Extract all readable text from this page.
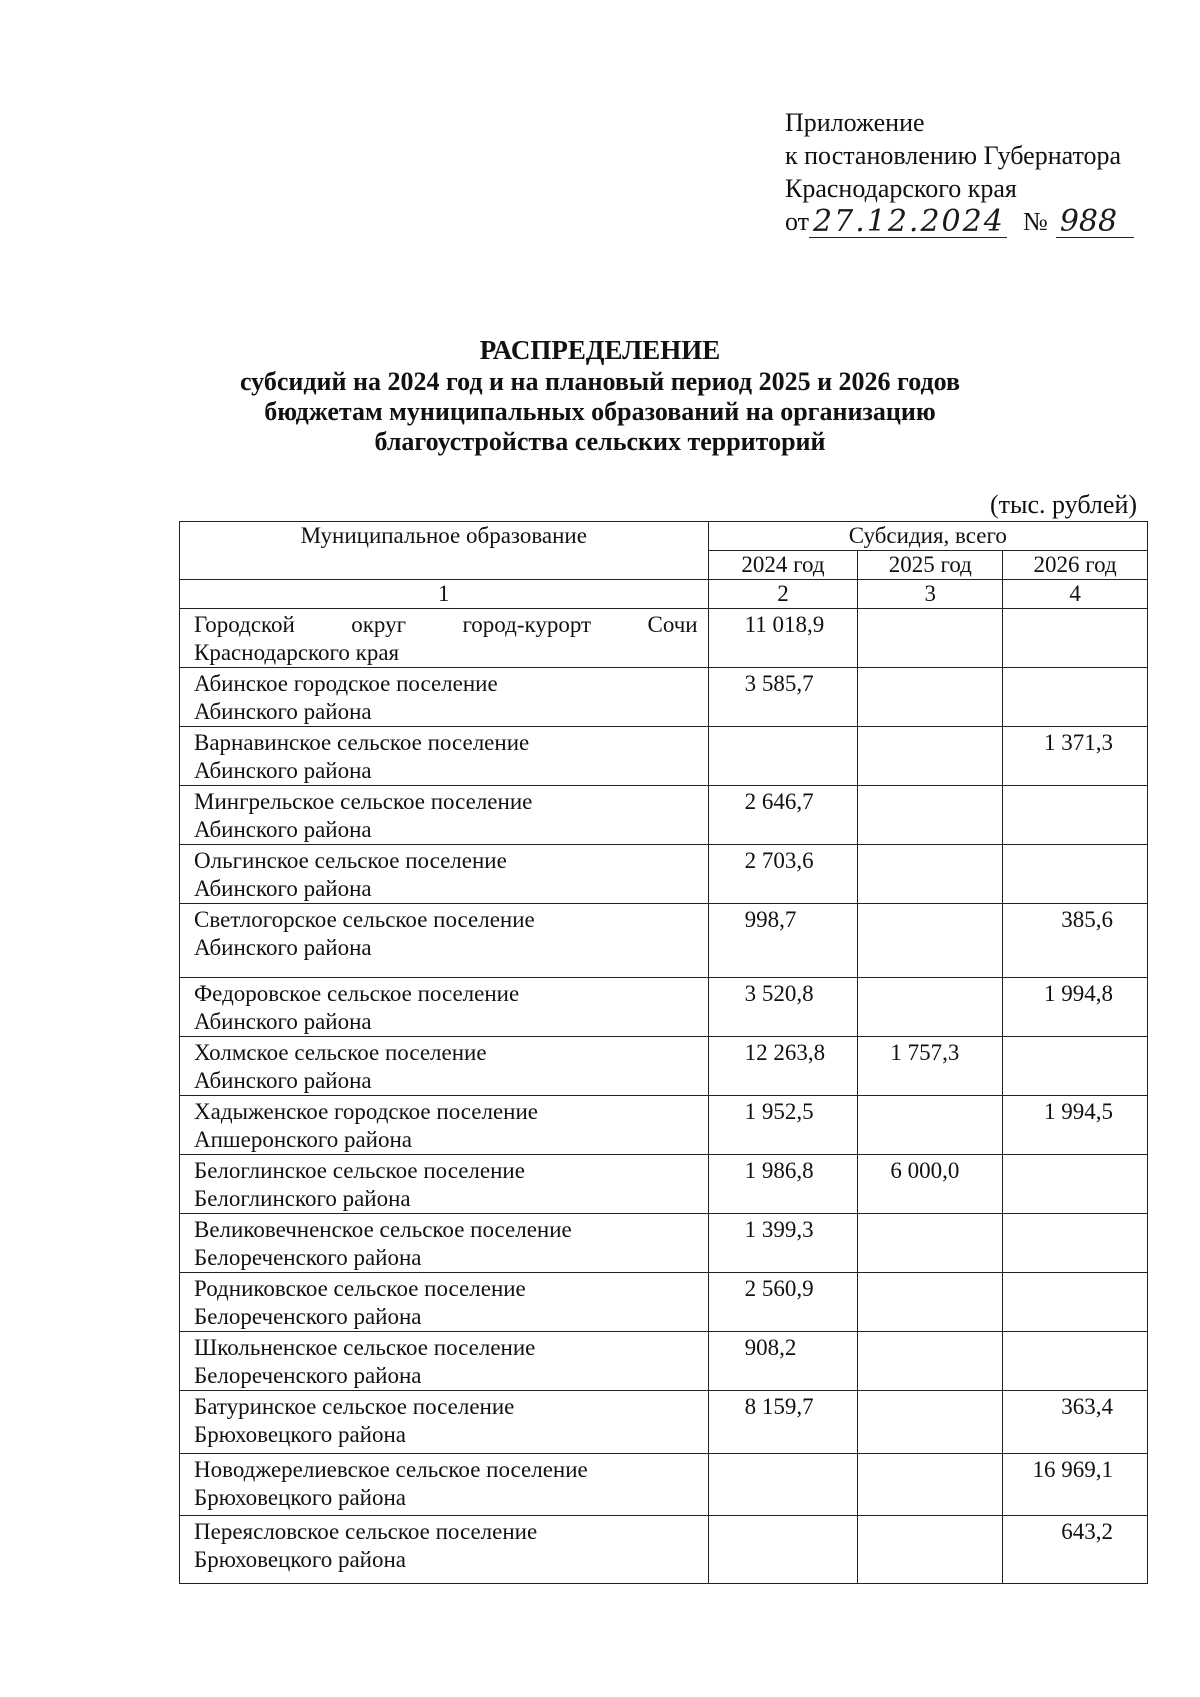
Приложение
к постановлению Губернатора
Краснодарского края
от 27.12.2024 № 988
РАСПРЕДЕЛЕНИЕ
субсидий на 2024 год и на плановый период 2025 и 2026 годов
бюджетам муниципальных образований на организацию
благоустройства сельских территорий
(тыс. рублей)
Муниципальное образование	Субсидия, всего		
	2024 год	2025 год	2026 год
1	2	3	4

Городской округ город-курорт Сочи
Краснодарского края	11 018,9		

Абинское городское поселение
Абинского района	3 585,7		

Варнавинское сельское поселение
Абинского района			1 371,3

Мингрельское сельское поселение
Абинского района	2 646,7		

Ольгинское сельское поселение
Абинского района	2 703,6		

Светлогорское сельское поселение
Абинского района	998,7		385,6

Федоровское сельское поселение
Абинского района	3 520,8		1 994,8

Холмское сельское поселение
Абинского района	12 263,8	1 757,3	

Хадыженское городское поселение
Апшеронского района	1 952,5		1 994,5

Белоглинское сельское поселение
Белоглинского района	1 986,8	6 000,0	

Великовечненское сельское поселение
Белореченского района	1 399,3		

Родниковское сельское поселение
Белореченского района	2 560,9		

Школьненское сельское поселение
Белореченского района	908,2		

Батуринское сельское поселение
Брюховецкого района	8 159,7		363,4

Новоджерелиевское сельское поселение
Брюховецкого района			16 969,1

Переясловское сельское поселение
Брюховецкого района			643,2
